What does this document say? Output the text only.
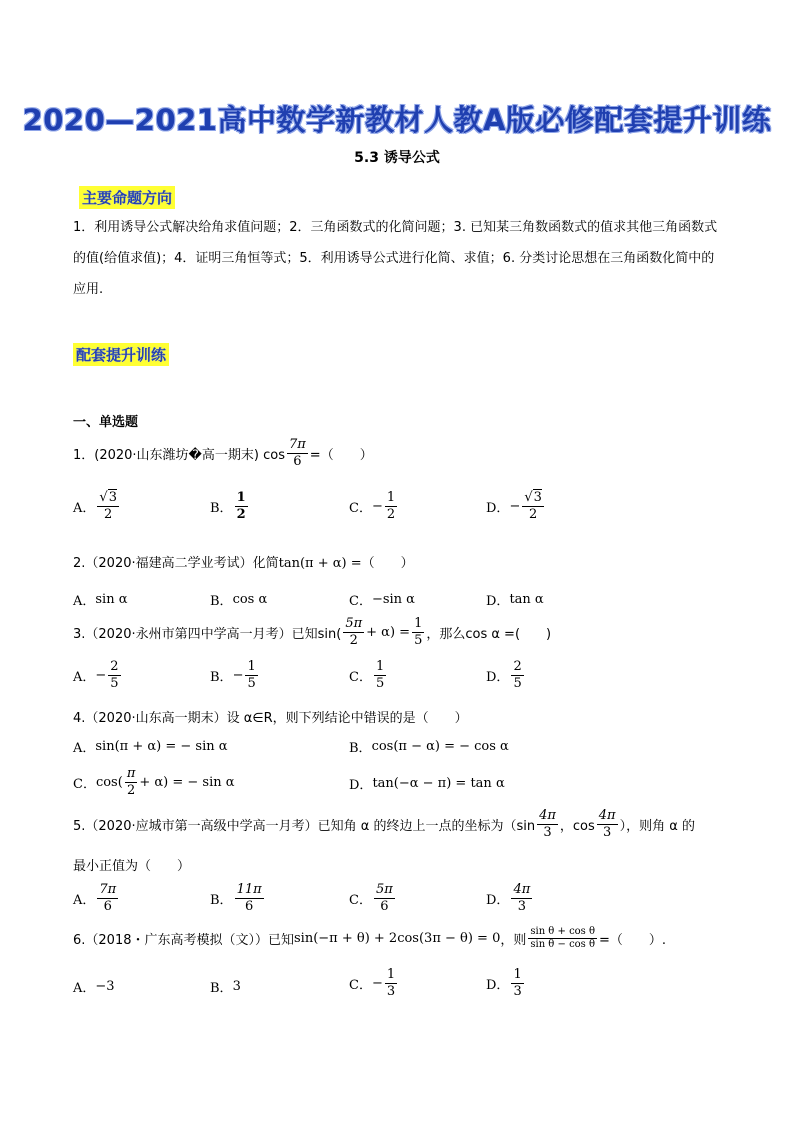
2020—2021高中数学新教材人教A版必修配套提升训练
5.3 诱导公式
主要命题方向
1．利用诱导公式解决给角求值问题；2．三角函数式的化简问题；3. 已知某三角数函数式的值求其他三角函数式的值(给值求值)；4．证明三角恒等式；5．利用诱导公式进行化简、求值；6. 分类讨论思想在三角函数化简中的应用.
配套提升训练
一、单选题
1．(2020·山东潍坊�高一期末) $\cos \frac{7\pi}{6}$ =（　　）
A． $\frac{√3}{2}$	B． $\frac{1}{2}$	C． − $\frac{1}{2}$	D． − $\frac{√3}{2}$
2.（2020·福建高二学业考试）化简 tan(π + α) =（　　）
A． sin α	B． cos α	C． −sin α	D． tan α
3.（2020·永州市第四中学高一月考）已知$\sin( \frac{5\pi}{2} + \alpha) = \frac{1}{5}$ ，那么cos α =(　　)
A． − $\frac{2}{5}$	B． − $\frac{1}{5}$	C． $\frac{1}{5}$	D． $\frac{2}{5}$
4.（2020·山东高一期末）设 α∈R，则下列结论中错误的是（　　）
A． sin(π + α) = − sin α	B． cos(π − α) = − cos α
C． $\cos( \frac{\pi}{2} + \alpha)$ = − sin α	D． tan(−α − π) = tan α
5.（2020·应城市第一高级中学高一月考）已知角 α 的终边上一点的坐标为（$\sin \frac{4\pi}{3}$ ，$\cos \frac{4\pi}{3}$ ），则角 α 的
最小正值为（　　）
A． $\frac{7\pi}{6}$	B． $\frac{11\pi}{6}$	C． $\frac{5\pi}{6}$	D． $\frac{4\pi}{3}$
6.（2018・广东高考模拟（文））已知 sin(−π + θ) + 2cos(3π − θ) = 0 ，则 $\frac{\text{sin θ + cos θ}}{\text{sin θ − cos θ}}$ =（　　）.
A． −3	B． 3	C． − $\frac{1}{3}$	D． $\frac{1}{3}$
